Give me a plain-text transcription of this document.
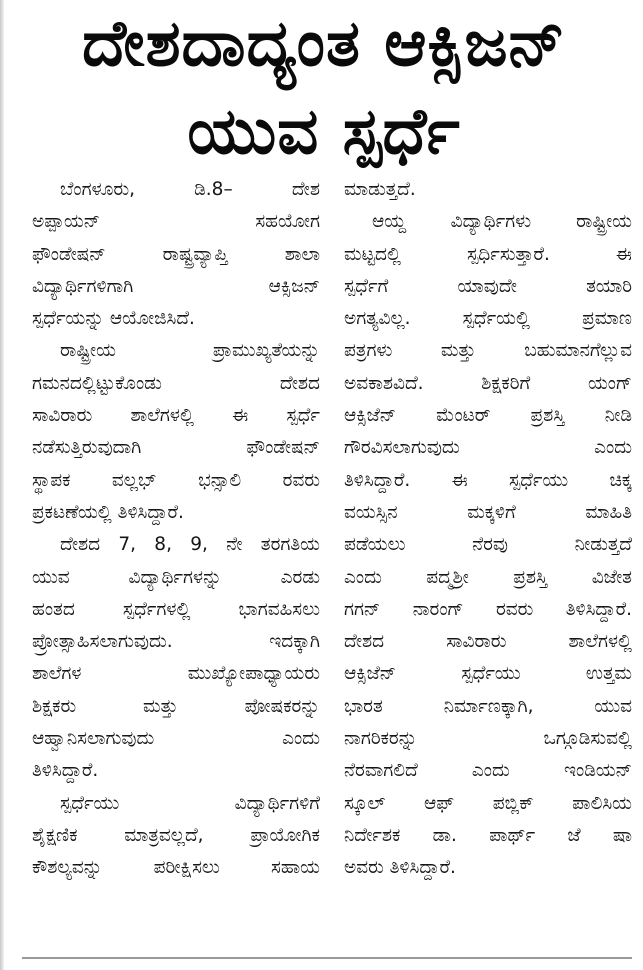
ದೇಶದಾದ್ಯಂತ ಆಕ್ಸಿಜನ್
ಯುವ ಸ್ಪರ್ಧೆ
ಬೆಂಗಳೂರು, ಡಿ.8– ದೇಶ
ಅಪ್ಪಾಯನ್ ಸಹಯೋಗ
ಫೌಂಡೇಷನ್ ರಾಷ್ಟ್ರವ್ಯಾಪ್ತಿ ಶಾಲಾ
ವಿದ್ಯಾರ್ಥಿಗಳಿಗಾಗಿ ಆಕ್ಸಿಜನ್
ಸ್ಪರ್ಧೆಯನ್ನು ಆಯೋಜಿಸಿದೆ.
ರಾಷ್ಟ್ರೀಯ ಪ್ರಾಮುಖ್ಯತೆಯನ್ನು
ಗಮನದಲ್ಲಿಟ್ಟುಕೊಂಡು ದೇಶದ
ಸಾವಿರಾರು ಶಾಲೆಗಳಲ್ಲಿ ಈ ಸ್ಪರ್ಧೆ
ನಡೆಸುತ್ತಿರುವುದಾಗಿ ಫೌಂಡೇಷನ್
ಸ್ಥಾಪಕ ವಲ್ಲಭ್ ಭನ್ಸಾಲಿ ರವರು
ಪ್ರಕಟಣೆಯಲ್ಲಿ ತಿಳಿಸಿದ್ದಾರೆ.
ದೇಶದ 7, 8, 9, ನೇ ತರಗತಿಯ
ಯುವ ವಿದ್ಯಾರ್ಥಿಗಳನ್ನು ಎರಡು
ಹಂತದ ಸ್ಪರ್ಧೆಗಳಲ್ಲಿ ಭಾಗವಹಿಸಲು
ಪ್ರೋತ್ಸಾಹಿಸಲಾಗುವುದು. ಇದಕ್ಕಾಗಿ
ಶಾಲೆಗಳ ಮುಖ್ಯೋಪಾಧ್ಯಾಯರು
ಶಿಕ್ಷಕರು ಮತ್ತು ಪೋಷಕರನ್ನು
ಆಹ್ವಾನಿಸಲಾಗುವುದು ಎಂದು
ತಿಳಿಸಿದ್ದಾರೆ.
ಸ್ಪರ್ಧೆಯು ವಿದ್ಯಾರ್ಥಿಗಳಿಗೆ
ಶೈಕ್ಷಣಿಕ ಮಾತ್ರವಲ್ಲದೆ, ಪ್ರಾಯೋಗಿಕ
ಕೌಶಲ್ಯವನ್ನು ಪರೀಕ್ಷಿಸಲು ಸಹಾಯ
ಮಾಡುತ್ತದೆ.
ಆಯ್ದ ವಿದ್ಯಾರ್ಥಿಗಳು ರಾಷ್ಟ್ರೀಯ
ಮಟ್ಟದಲ್ಲಿ ಸ್ಪರ್ಧಿಸುತ್ತಾರೆ. ಈ
ಸ್ಪರ್ಧೆಗೆ ಯಾವುದೇ ತಯಾರಿ
ಅಗತ್ಯವಿಲ್ಲ. ಸ್ಪರ್ಧೆಯಲ್ಲಿ ಪ್ರಮಾಣ
ಪತ್ರಗಳು ಮತ್ತು ಬಹುಮಾನಗೆಲ್ಲುವ
ಅವಕಾಶವಿದೆ. ಶಿಕ್ಷಕರಿಗೆ ಯಂಗ್
ಆಕ್ಸಿಜೆನ್ ಮೆಂಟರ್ ಪ್ರಶಸ್ತಿ ನೀಡಿ
ಗೌರವಿಸಲಾಗುವುದು ಎಂದು
ತಿಳಿಸಿದ್ದಾರೆ. ಈ ಸ್ಪರ್ಧೆಯು ಚಿಕ್ಕ
ವಯಸ್ಸಿನ ಮಕ್ಕಳಿಗೆ ಮಾಹಿತಿ
ಪಡೆಯಲು ನೆರವು ನೀಡುತ್ತದೆ
ಎಂದು ಪದ್ಮಶ್ರೀ ಪ್ರಶಸ್ತಿ ವಿಜೇತ
ಗಗನ್ ನಾರಂಗ್ ರವರು ತಿಳಿಸಿದ್ದಾರೆ.
ದೇಶದ ಸಾವಿರಾರು ಶಾಲೆಗಳಲ್ಲಿ
ಆಕ್ಸಿಜೆನ್ ಸ್ಪರ್ಧೆಯು ಉತ್ತಮ
ಭಾರತ ನಿರ್ಮಾಣಕ್ಕಾಗಿ, ಯುವ
ನಾಗರಿಕರನ್ನು ಒಗ್ಗೂಡಿಸುವಲ್ಲಿ
ನೆರವಾಗಲಿದೆ ಎಂದು ಇಂಡಿಯನ್
ಸ್ಕೂಲ್ ಆಫ್ ಪಬ್ಲಿಕ್ ಪಾಲಿಸಿಯ
ನಿರ್ದೇಶಕ ಡಾ. ಪಾರ್ಥ್ ಜೆ ಷಾ
ಅವರು ತಿಳಿಸಿದ್ದಾರೆ.
